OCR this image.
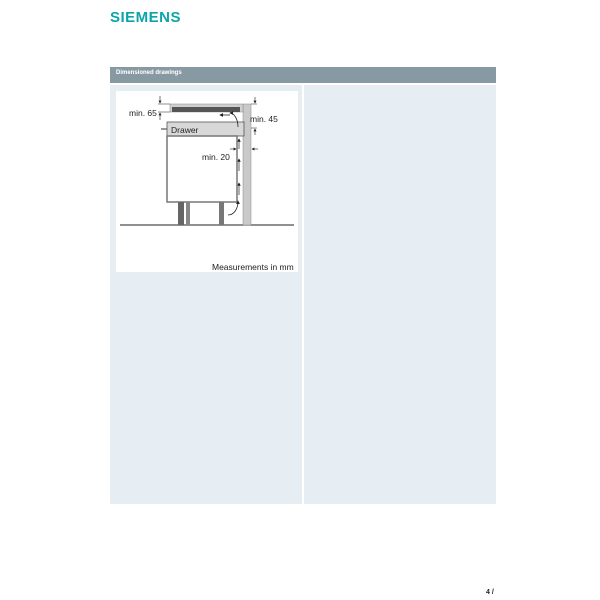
SIEMENS
Dimensioned drawings
min. 65
min. 45
Drawer
min. 20
Measurements in mm
4 /
